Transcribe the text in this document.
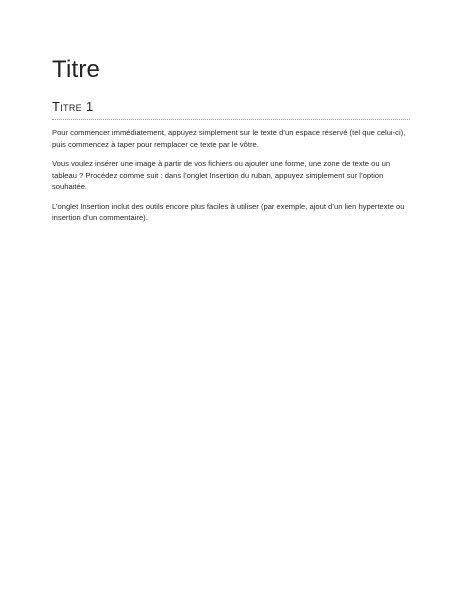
Titre
Titre 1

Pour commencer immédiatement, appuyez simplement sur le texte d’un espace réservé (tel que celui-ci), puis commencez à taper pour remplacer ce texte par le vôtre.

Vous voulez insérer une image à partir de vos fichiers ou ajouter une forme, une zone de texte ou un tableau ? Procédez comme suit : dans l’onglet Insertion du ruban, appuyez simplement sur l’option souhaitée.

L’onglet Insertion inclut des outils encore plus faciles à utiliser (par exemple, ajout d’un lien hypertexte ou insertion d’un commentaire).
